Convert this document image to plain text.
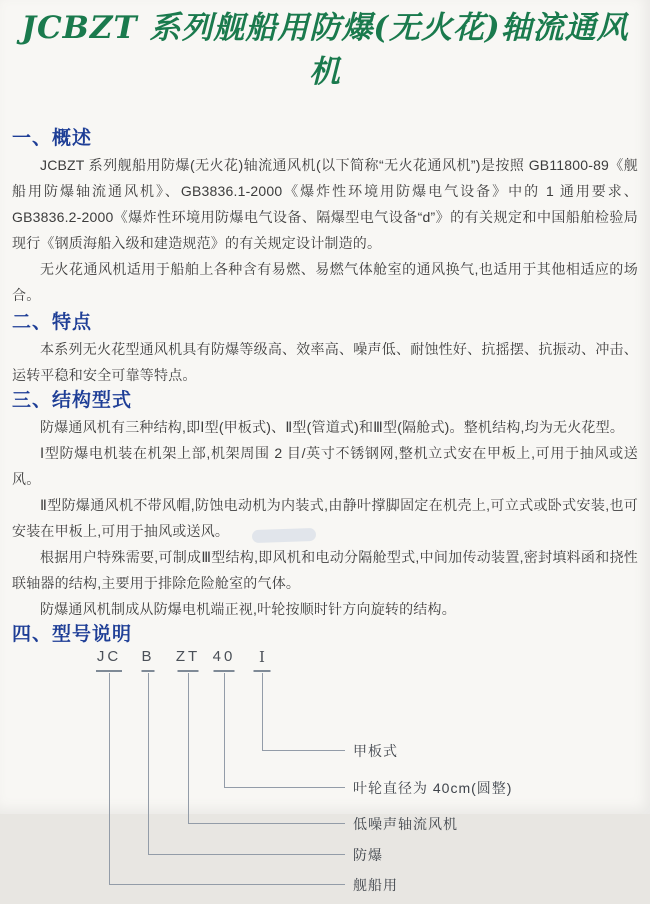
JCBZT 系列舰船用防爆(无火花)轴流通风机
一、概述

JCBZT 系列舰船用防爆(无火花)轴流通风机(以下简称“无火花通风机”)是按照 GB11800-89《舰船用防爆轴流通风机》、GB3836.1-2000《爆炸性环境用防爆电气设备》中的 1 通用要求、GB3836.2-2000《爆炸性环境用防爆电气设备、隔爆型电气设备“d”》的有关规定和中国船舶检验局现行《钢质海船入级和建造规范》的有关规定设计制造的。

无火花通风机适用于船舶上各种含有易燃、易燃气体舱室的通风换气,也适用于其他相适应的场合。

二、特点

本系列无火花型通风机具有防爆等级高、效率高、噪声低、耐蚀性好、抗摇摆、抗振动、冲击、运转平稳和安全可靠等特点。

三、结构型式

防爆通风机有三种结构,即Ⅰ型(甲板式)、Ⅱ型(管道式)和Ⅲ型(隔舱式)。整机结构,均为无火花型。

Ⅰ型防爆电机装在机架上部,机架周围 2 目/英寸不锈钢网,整机立式安在甲板上,可用于抽风或送风。

Ⅱ型防爆通风机不带风帽,防蚀电动机为内装式,由静叶撑脚固定在机壳上,可立式或卧式安装,也可安装在甲板上,可用于抽风或送风。

根据用户特殊需要,可制成Ⅲ型结构,即风机和电动分隔舱型式,中间加传动装置,密封填料函和挠性联轴器的结构,主要用于排除危险舱室的气体。

防爆通风机制成从防爆电机端正视,叶轮按顺时针方向旋转的结构。

四、型号说明
JC
舰船用
B
防爆
ZT
低噪声轴流风机
40
叶轮直径为 40cm(圆整)
I
甲板式
